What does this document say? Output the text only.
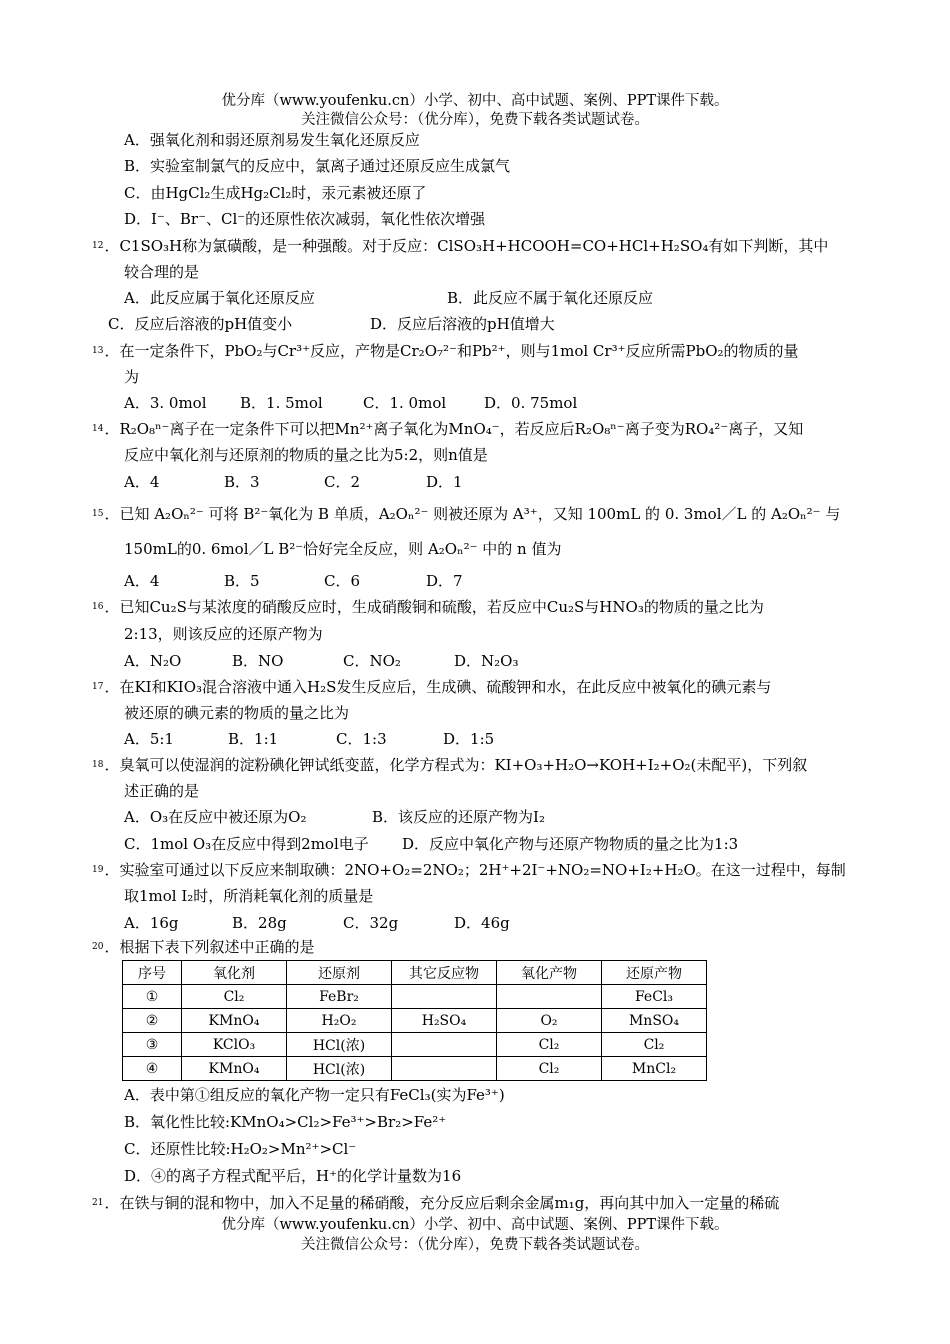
优分库（www.youfenku.cn）小学、初中、高中试题、案例、PPT课件下载。
关注微信公众号：（优分库），免费下载各类试题试卷。
A．强氧化剂和弱还原剂易发生氧化还原反应
B．实验室制氯气的反应中，氯离子通过还原反应生成氯气
C．由HgCl₂生成Hg₂Cl₂时，汞元素被还原了
D．I⁻、Br⁻、Cl⁻的还原性依次减弱，氧化性依次增强
$^{12}$．C1SO₃H称为氯磺酸，是一种强酸。对于反应：ClSO₃H+HCOOH=CO+HCl+H₂SO₄有如下判断，其中
较合理的是
A．此反应属于氧化还原反应	B．此反应不属于氧化还原反应
C．反应后溶液的pH值变小	D．反应后溶液的pH值增大
$^{13}$．在一定条件下，PbO₂与Cr³⁺反应，产物是Cr₂O₇²⁻和Pb²⁺，则与1mol Cr³⁺反应所需PbO₂的物质的量
为
A．3. 0mol B．1. 5mol	C．1. 0mol	D．0. 75mol
$^{14}$．R₂O₈ⁿ⁻离子在一定条件下可以把Mn²⁺离子氧化为MnO₄⁻，若反应后R₂O₈ⁿ⁻离子变为RO₄²⁻离子，又知
反应中氧化剂与还原剂的物质的量之比为5:2，则n值是
A．4	B．3	C．2	D．1
$^{15}$．已知 A₂Oₙ²⁻ 可将 B²⁻氧化为 B 单质，A₂Oₙ²⁻ 则被还原为 A³⁺，又知 100mL 的 0. 3mol／L 的 A₂Oₙ²⁻ 与
150mL的0. 6mol／L B²⁻恰好完全反应，则 A₂Oₙ²⁻ 中的 n 值为
A．4	B．5	C．6	D．7
$^{16}$．已知Cu₂S与某浓度的硝酸反应时，生成硝酸铜和硫酸，若反应中Cu₂S与HNO₃的物质的量之比为
2:13，则该反应的还原产物为
A．N₂O	B．NO	C．NO₂	D．N₂O₃
$^{17}$．在KI和KIO₃混合溶液中通入H₂S发生反应后，生成碘、硫酸钾和水，在此反应中被氧化的碘元素与
被还原的碘元素的物质的量之比为
A．5:1	B．1:1	C．1:3	D．1:5
$^{18}$．臭氧可以使湿润的淀粉碘化钾试纸变蓝，化学方程式为：KI+O₃+H₂O→KOH+I₂+O₂(未配平)，下列叙
述正确的是
A．O₃在反应中被还原为O₂	B．该反应的还原产物为I₂
C．1mol O₃在反应中得到2mol电子 D．反应中氧化产物与还原产物物质的量之比为1:3
$^{19}$．实验室可通过以下反应来制取碘：2NO+O₂=2NO₂；2H⁺+2I⁻+NO₂=NO+I₂+H₂O。在这一过程中，每制
取1mol I₂时，所消耗氧化剂的质量是
A．16g	B．28g	C．32g	D．46g
$^{20}$．根据下表下列叙述中正确的是
序号	氧化剂	还原剂	其它反应物	氧化产物	还原产物
①	Cl₂	FeBr₂			FeCl₃
②	KMnO₄	H₂O₂	H₂SO₄	O₂	MnSO₄
③	KClO₃	HCl(浓)		Cl₂	Cl₂
④	KMnO₄	HCl(浓)		Cl₂	MnCl₂
A．表中第①组反应的氧化产物一定只有FeCl₃(实为Fe³⁺)
B．氧化性比较:KMnO₄>Cl₂>Fe³⁺>Br₂>Fe²⁺
C．还原性比较:H₂O₂>Mn²⁺>Cl⁻
D．④的离子方程式配平后，H⁺的化学计量数为16
$^{21}$．在铁与铜的混和物中，加入不足量的稀硝酸，充分反应后剩余金属m₁g，再向其中加入一定量的稀硫
优分库（www.youfenku.cn）小学、初中、高中试题、案例、PPT课件下载。
关注微信公众号：（优分库），免费下载各类试题试卷。
